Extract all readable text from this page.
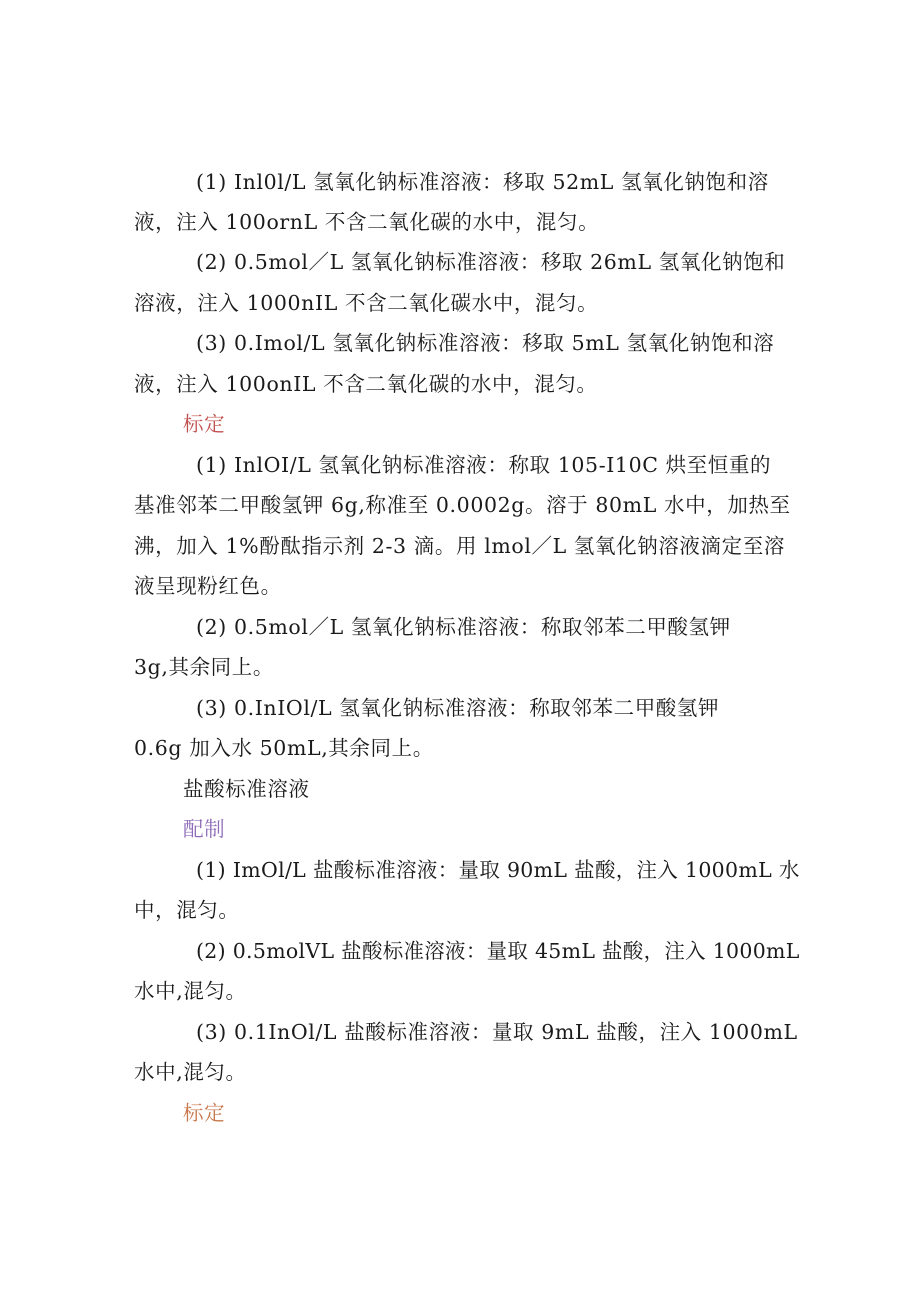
(1) Inl0l/L 氢氧化钠标准溶液：移取 52mL 氢氧化钠饱和溶
液，注入 100ornL 不含二氧化碳的水中，混匀。
(2) 0.5mol／L 氢氧化钠标准溶液：移取 26mL 氢氧化钠饱和
溶液，注入 1000nIL 不含二氧化碳水中，混匀。
(3) 0.Imol/L 氢氧化钠标准溶液：移取 5mL 氢氧化钠饱和溶
液，注入 100onIL 不含二氧化碳的水中，混匀。
标定
(1) InlOI/L 氢氧化钠标准溶液：称取 105-I10C 烘至恒重的
基准邻苯二甲酸氢钾 6g,称准至 0.0002g。溶于 80mL 水中，加热至
沸，加入 1%酚酞指示剂 2-3 滴。用 lmol／L 氢氧化钠溶液滴定至溶
液呈现粉红色。
(2) 0.5mol／L 氢氧化钠标准溶液：称取邻苯二甲酸氢钾
3g,其余同上。
(3) 0.InIOl/L 氢氧化钠标准溶液：称取邻苯二甲酸氢钾
0.6g 加入水 50mL,其余同上。
盐酸标准溶液
配制
(1) ImOl/L 盐酸标准溶液：量取 90mL 盐酸，注入 1000mL 水
中，混匀。
(2) 0.5molVL 盐酸标准溶液：量取 45mL 盐酸，注入 1000mL
水中,混匀。
(3) 0.1InOl/L 盐酸标准溶液：量取 9mL 盐酸，注入 1000mL
水中,混匀。
标定
